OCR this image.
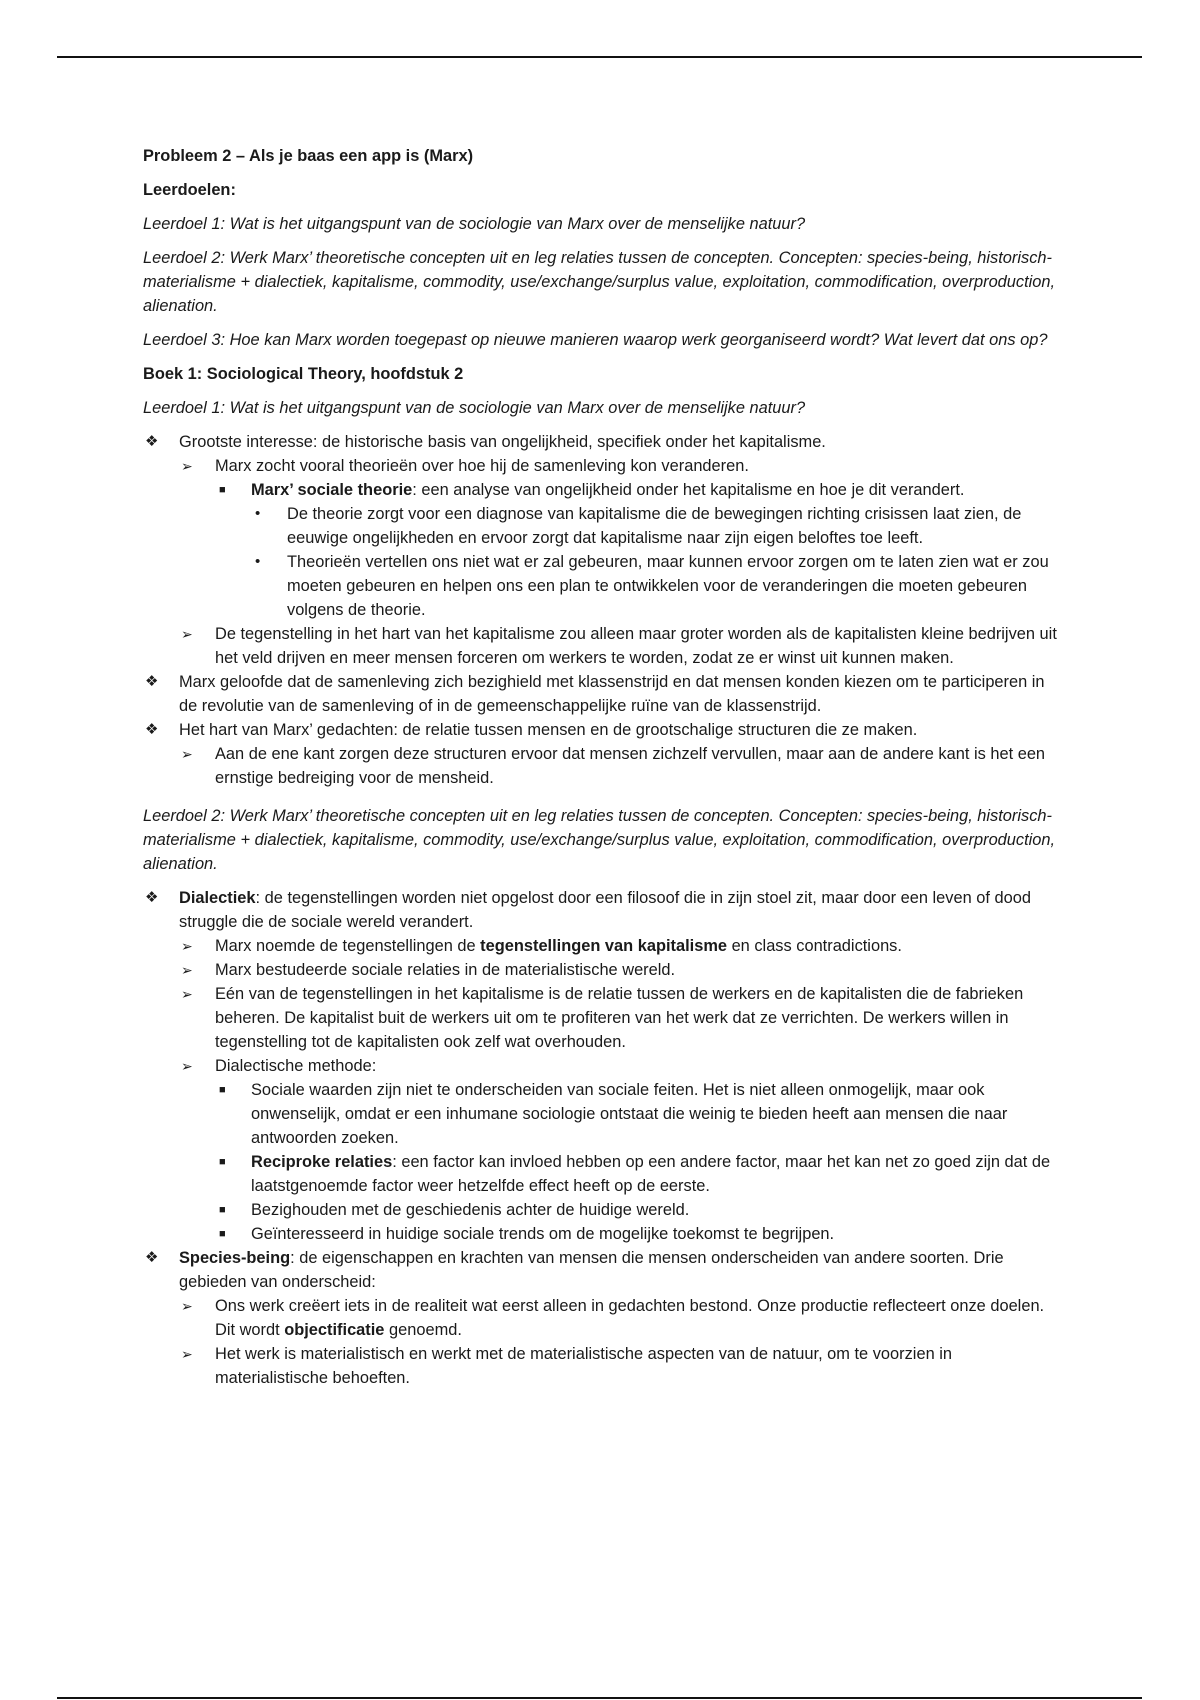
Probleem 2 – Als je baas een app is (Marx)

Leerdoelen:

Leerdoel 1: Wat is het uitgangspunt van de sociologie van Marx over de menselijke natuur?

Leerdoel 2: Werk Marx’ theoretische concepten uit en leg relaties tussen de concepten. Concepten: species-being, historisch-materialisme + dialectiek, kapitalisme, commodity, use/exchange/surplus value, exploitation, commodification, overproduction, alienation.

Leerdoel 3: Hoe kan Marx worden toegepast op nieuwe manieren waarop werk georganiseerd wordt? Wat levert dat ons op?

Boek 1: Sociological Theory, hoofdstuk 2

Leerdoel 1: Wat is het uitgangspunt van de sociologie van Marx over de menselijke natuur?

❖	Grootste interesse: de historische basis van ongelijkheid, specifiek onder het kapitalisme.
➢	Marx zocht vooral theorieën over hoe hij de samenleving kon veranderen.
■	Marx’ sociale theorie: een analyse van ongelijkheid onder het kapitalisme en hoe je dit verandert.
•	De theorie zorgt voor een diagnose van kapitalisme die de bewegingen richting crisissen laat zien, de eeuwige ongelijkheden en ervoor zorgt dat kapitalisme naar zijn eigen beloftes toe leeft.
•	Theorieën vertellen ons niet wat er zal gebeuren, maar kunnen ervoor zorgen om te laten zien wat er zou moeten gebeuren en helpen ons een plan te ontwikkelen voor de veranderingen die moeten gebeuren volgens de theorie.
➢	De tegenstelling in het hart van het kapitalisme zou alleen maar groter worden als de kapitalisten kleine bedrijven uit het veld drijven en meer mensen forceren om werkers te worden, zodat ze er winst uit kunnen maken.
❖	Marx geloofde dat de samenleving zich bezighield met klassenstrijd en dat mensen konden kiezen om te participeren in de revolutie van de samenleving of in de gemeenschappelijke ruïne van de klassenstrijd.
❖	Het hart van Marx’ gedachten: de relatie tussen mensen en de grootschalige structuren die ze maken.
➢	Aan de ene kant zorgen deze structuren ervoor dat mensen zichzelf vervullen, maar aan de andere kant is het een ernstige bedreiging voor de mensheid.

Leerdoel 2: Werk Marx’ theoretische concepten uit en leg relaties tussen de concepten. Concepten: species-being, historisch-materialisme + dialectiek, kapitalisme, commodity, use/exchange/surplus value, exploitation, commodification, overproduction, alienation.

❖	Dialectiek: de tegenstellingen worden niet opgelost door een filosoof die in zijn stoel zit, maar door een leven of dood struggle die de sociale wereld verandert.
➢	Marx noemde de tegenstellingen de tegenstellingen van kapitalisme en class contradictions.
➢	Marx bestudeerde sociale relaties in de materialistische wereld.
➢	Eén van de tegenstellingen in het kapitalisme is de relatie tussen de werkers en de kapitalisten die de fabrieken beheren. De kapitalist buit de werkers uit om te profiteren van het werk dat ze verrichten. De werkers willen in tegenstelling tot de kapitalisten ook zelf wat overhouden.
➢	Dialectische methode:
■	Sociale waarden zijn niet te onderscheiden van sociale feiten. Het is niet alleen onmogelijk, maar ook onwenselijk, omdat er een inhumane sociologie ontstaat die weinig te bieden heeft aan mensen die naar antwoorden zoeken.
■	Reciproke relaties: een factor kan invloed hebben op een andere factor, maar het kan net zo goed zijn dat de laatstgenoemde factor weer hetzelfde effect heeft op de eerste.
■	Bezighouden met de geschiedenis achter de huidige wereld.
■	Geïnteresseerd in huidige sociale trends om de mogelijke toekomst te begrijpen.
❖	Species-being: de eigenschappen en krachten van mensen die mensen onderscheiden van andere soorten. Drie gebieden van onderscheid:
➢	Ons werk creëert iets in de realiteit wat eerst alleen in gedachten bestond. Onze productie reflecteert onze doelen. Dit wordt objectificatie genoemd.
➢	Het werk is materialistisch en werkt met de materialistische aspecten van de natuur, om te voorzien in materialistische behoeften.
